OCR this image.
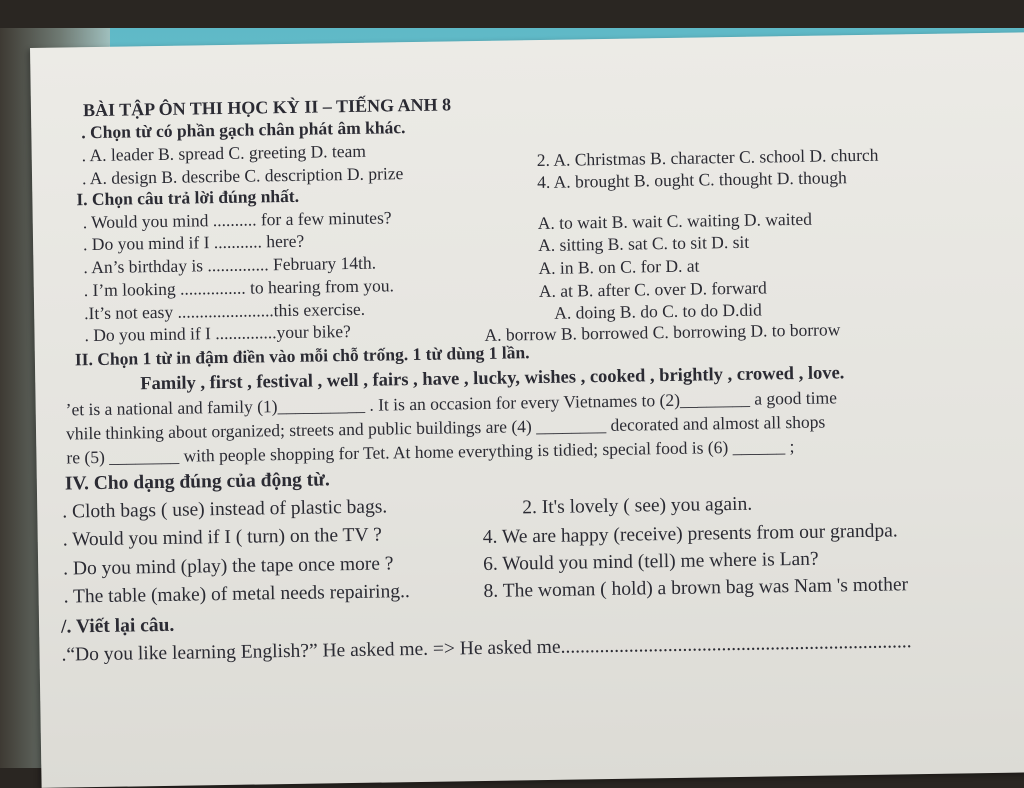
BÀI TẬP ÔN THI HỌC KỲ II – TIẾNG ANH 8
. Chọn từ có phần gạch chân phát âm khác.
. A. leader B. spread C. greeting D. team	2. A. Christmas B. character C. school D. church
. A. design B. describe C. description D. prize	4. A. brought B. ought C. thought D. though
I. Chọn câu trả lời đúng nhất.
. Would you mind .......... for a few minutes?	A. to wait B. wait C. waiting D. waited
. Do you mind if I ........... here?	A. sitting B. sat C. to sit D. sit
. An’s birthday is .............. February 14th.	A. in B. on C. for D. at
. I’m looking ............... to hearing from you.	A. at B. after C. over D. forward
.It’s not easy ......................this exercise.	A. doing B. do C. to do D.did
. Do you mind if I ..............your bike?	A. borrow B. borrowed C. borrowing D. to borrow
II. Chọn 1 từ in đậm điền vào mỗi chỗ trống. 1 từ dùng 1 lần.
Family , first , festival , well , fairs , have , lucky, wishes , cooked , brightly , crowed , love.
’et is a national and family (1)__________ . It is an occasion for every Vietnames to (2)________ a good time
vhile thinking about organized; streets and public buildings are (4) ________ decorated and almost all shops
re (5) ________ with people shopping for Tet. At home everything is tidied; special food is (6) ______ ;
IV. Cho dạng đúng của động từ.
. Cloth bags ( use) instead of plastic bags.	2. It's lovely ( see) you again.
. Would you mind if I ( turn) on the TV ?	4. We are happy (receive) presents from our grandpa.
. Do you mind (play) the tape once more ?	6. Would you mind (tell) me where is Lan?
. The table (make) of metal needs repairing..	8. The woman ( hold) a brown bag was Nam 's mother
/. Viết lại câu.
.“Do you like learning English?” He asked me. => He asked me........................................................................
